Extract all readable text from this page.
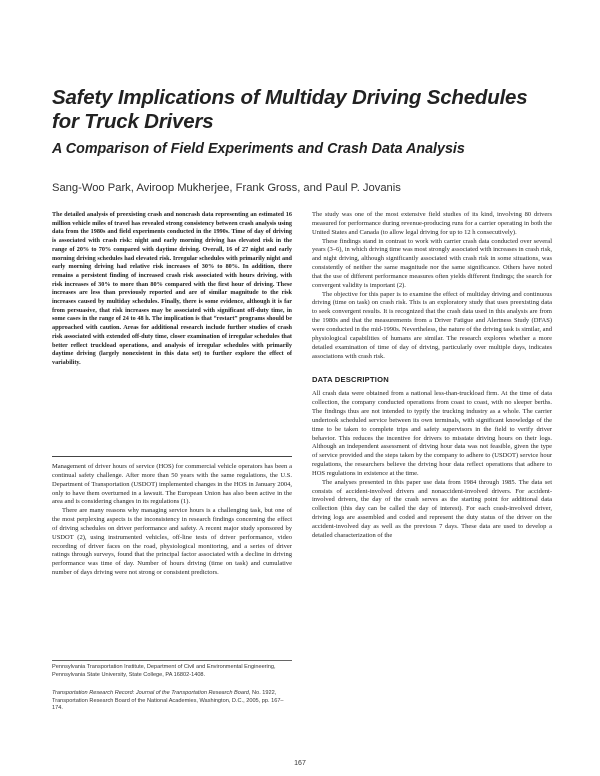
Safety Implications of Multiday Driving Schedules for Truck Drivers
A Comparison of Field Experiments and Crash Data Analysis

Sang-Woo Park, Aviroop Mukherjee, Frank Gross, and Paul P. Jovanis

The detailed analysis of preexisting crash and noncrash data representing an estimated 16 million vehicle miles of travel has revealed strong consistency between crash analysis using data from the 1980s and field experiments conducted in the 1990s. Time of day of driving is associated with crash risk: night and early morning driving has elevated risk in the range of 20% to 70% compared with daytime driving. Overall, 16 of 27 night and early morning driving schedules had elevated risk. Irregular schedules with primarily night and early morning driving had relative risk increases of 30% to 80%. In addition, there remains a persistent finding of increased crash risk associated with hours driving, with risk increases of 30% to more than 80% compared with the first hour of driving. These increases are less than previously reported and are of similar magnitude to the risk increases caused by multiday schedules. Finally, there is some evidence, although it is far from persuasive, that risk increases may be associated with significant off-duty time, in some cases in the range of 24 to 48 h. The implication is that “restart” programs should be approached with caution. Areas for additional research include further studies of crash risk associated with extended off-duty time, closer examination of irregular schedules that better reflect truckload operations, and analysis of irregular schedules with primarily daytime driving (largely nonexistent in this data set) to further explore the effect of variability.

Management of driver hours of service (HOS) for commercial vehicle operators has been a continual safety challenge. After more than 50 years with the same regulations, the U.S. Department of Transportation (USDOT) implemented changes in the HOS in January 2004, only to have them overturned in a lawsuit. The European Union has also been active in the area and is considering changes in its regulations (1).

There are many reasons why managing service hours is a challenging task, but one of the most perplexing aspects is the inconsistency in research findings concerning the effect of driving schedules on driver performance and safety. A recent major study sponsored by USDOT (2), using instrumented vehicles, off-line tests of driver performance, video recording of driver faces on the road, physiological monitoring, and a series of driver ratings through surveys, found that the principal factor associated with a decline in driving performance was time of day. Number of hours driving (time on task) and cumulative number of days driving were not strong or consistent predictors.

Pennsylvania Transportation Institute, Department of Civil and Environmental Engineering, Pennsylvania State University, State College, PA 16802-1408.

Transportation Research Record: Journal of the Transportation Research Board, No. 1922, Transportation Research Board of the National Academies, Washington, D.C., 2005, pp. 167–174.

The study was one of the most extensive field studies of its kind, involving 80 drivers measured for performance during revenue-producing runs for a carrier operating in both the United States and Canada (to allow legal driving for up to 12 h consecutively).

These findings stand in contrast to work with carrier crash data conducted over several years (3–6), in which driving time was most strongly associated with increases in crash risk, and night driving, although significantly associated with crash risk in some situations, was consistently of neither the same magnitude nor the same significance. Others have noted that the use of different performance measures often yields different findings; the search for convergent validity is important (2).

The objective for this paper is to examine the effect of multiday driving and continuous driving (time on task) on crash risk. This is an exploratory study that uses preexisting data to seek convergent results. It is recognized that the crash data used in this analysis are from the 1980s and that the measurements from a Driver Fatigue and Alertness Study (DFAS) were conducted in the mid-1990s. Nevertheless, the nature of the driving task is similar, and physiological capabilities of humans are similar. The research explores whether a more detailed examination of time of day of driving, particularly over multiple days, indicates associations with crash risk.

DATA DESCRIPTION

All crash data were obtained from a national less-than-truckload firm. At the time of data collection, the company conducted operations from coast to coast, with no sleeper berths. The findings thus are not intended to typify the trucking industry as a whole. The carrier undertook scheduled service between its own terminals, with significant knowledge of the time to be taken to complete trips and safety supervisors in the field to verify driver behavior. This reduces the incentive for drivers to misstate driving hours on their logs. Although an independent assessment of driving hour data was not feasible, given the type of service provided and the steps taken by the company to adhere to (USDOT) service hour regulations, the researchers believe the driving hour data reflect operations that adhere to HOS regulations in existence at the time.

The analyses presented in this paper use data from 1984 through 1985. The data set consists of accident-involved drivers and nonaccident-involved drivers. For accident-involved drivers, the day of the crash serves as the starting point for additional data collection (this day can be called the day of interest). For each crash-involved driver, driving logs are assembled and coded and represent the duty status of the driver on the accident-involved day as well as the previous 7 days. These data are used to develop a detailed characterization of the

167
